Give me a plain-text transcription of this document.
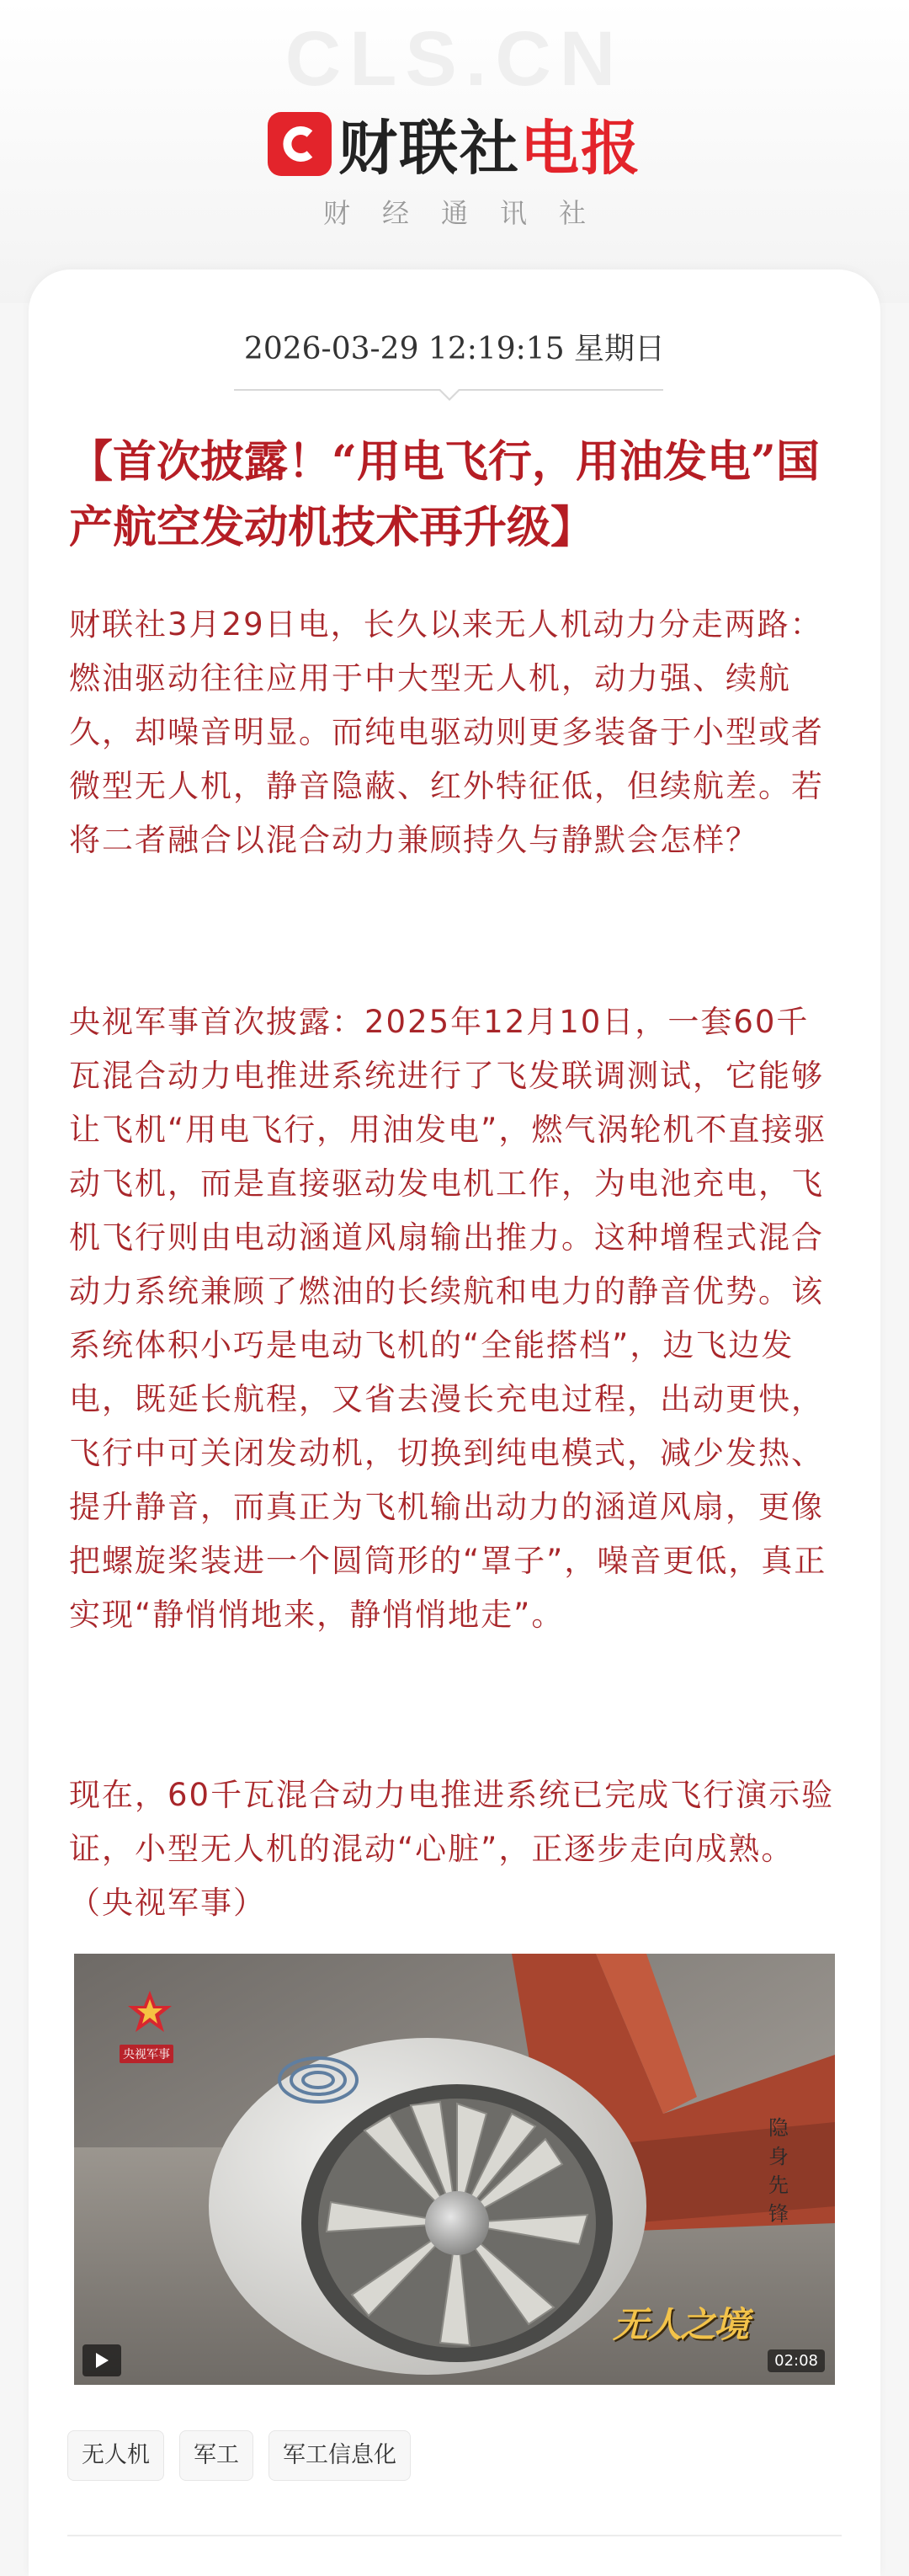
CLS.CN
财联社 电报
财经通讯社
2026-03-29 12:19:15 星期日
【首次披露！“用电飞行，用油发电”国产航空发动机技术再升级】
财联社3月29日电，长久以来无人机动力分走两路：燃油驱动往往应用于中大型无人机，动力强、续航久，却噪音明显。而纯电驱动则更多装备于小型或者微型无人机，静音隐蔽、红外特征低，但续航差。若将二者融合以混合动力兼顾持久与静默会怎样？
央视军事首次披露：2025年12月10日，一套60千瓦混合动力电推进系统进行了飞发联调测试，它能够让飞机“用电飞行，用油发电”，燃气涡轮机不直接驱动飞机，而是直接驱动发电机工作，为电池充电，飞机飞行则由电动涵道风扇输出推力。这种增程式混合动力系统兼顾了燃油的长续航和电力的静音优势。该系统体积小巧是电动飞机的“全能搭档”，边飞边发电，既延长航程，又省去漫长充电过程，出动更快，飞行中可关闭发动机，切换到纯电模式，减少发热、提升静音，而真正为飞机输出动力的涵道风扇，更像把螺旋桨装进一个圆筒形的“罩子”，噪音更低，真正实现“静悄悄地来，静悄悄地走”。
现在，60千瓦混合动力电推进系统已完成飞行演示验证，小型无人机的混动“心脏”，正逐步走向成熟。（央视军事）
央视军事
隐身先锋
无人之境
02:08
无人机	军工	军工信息化
